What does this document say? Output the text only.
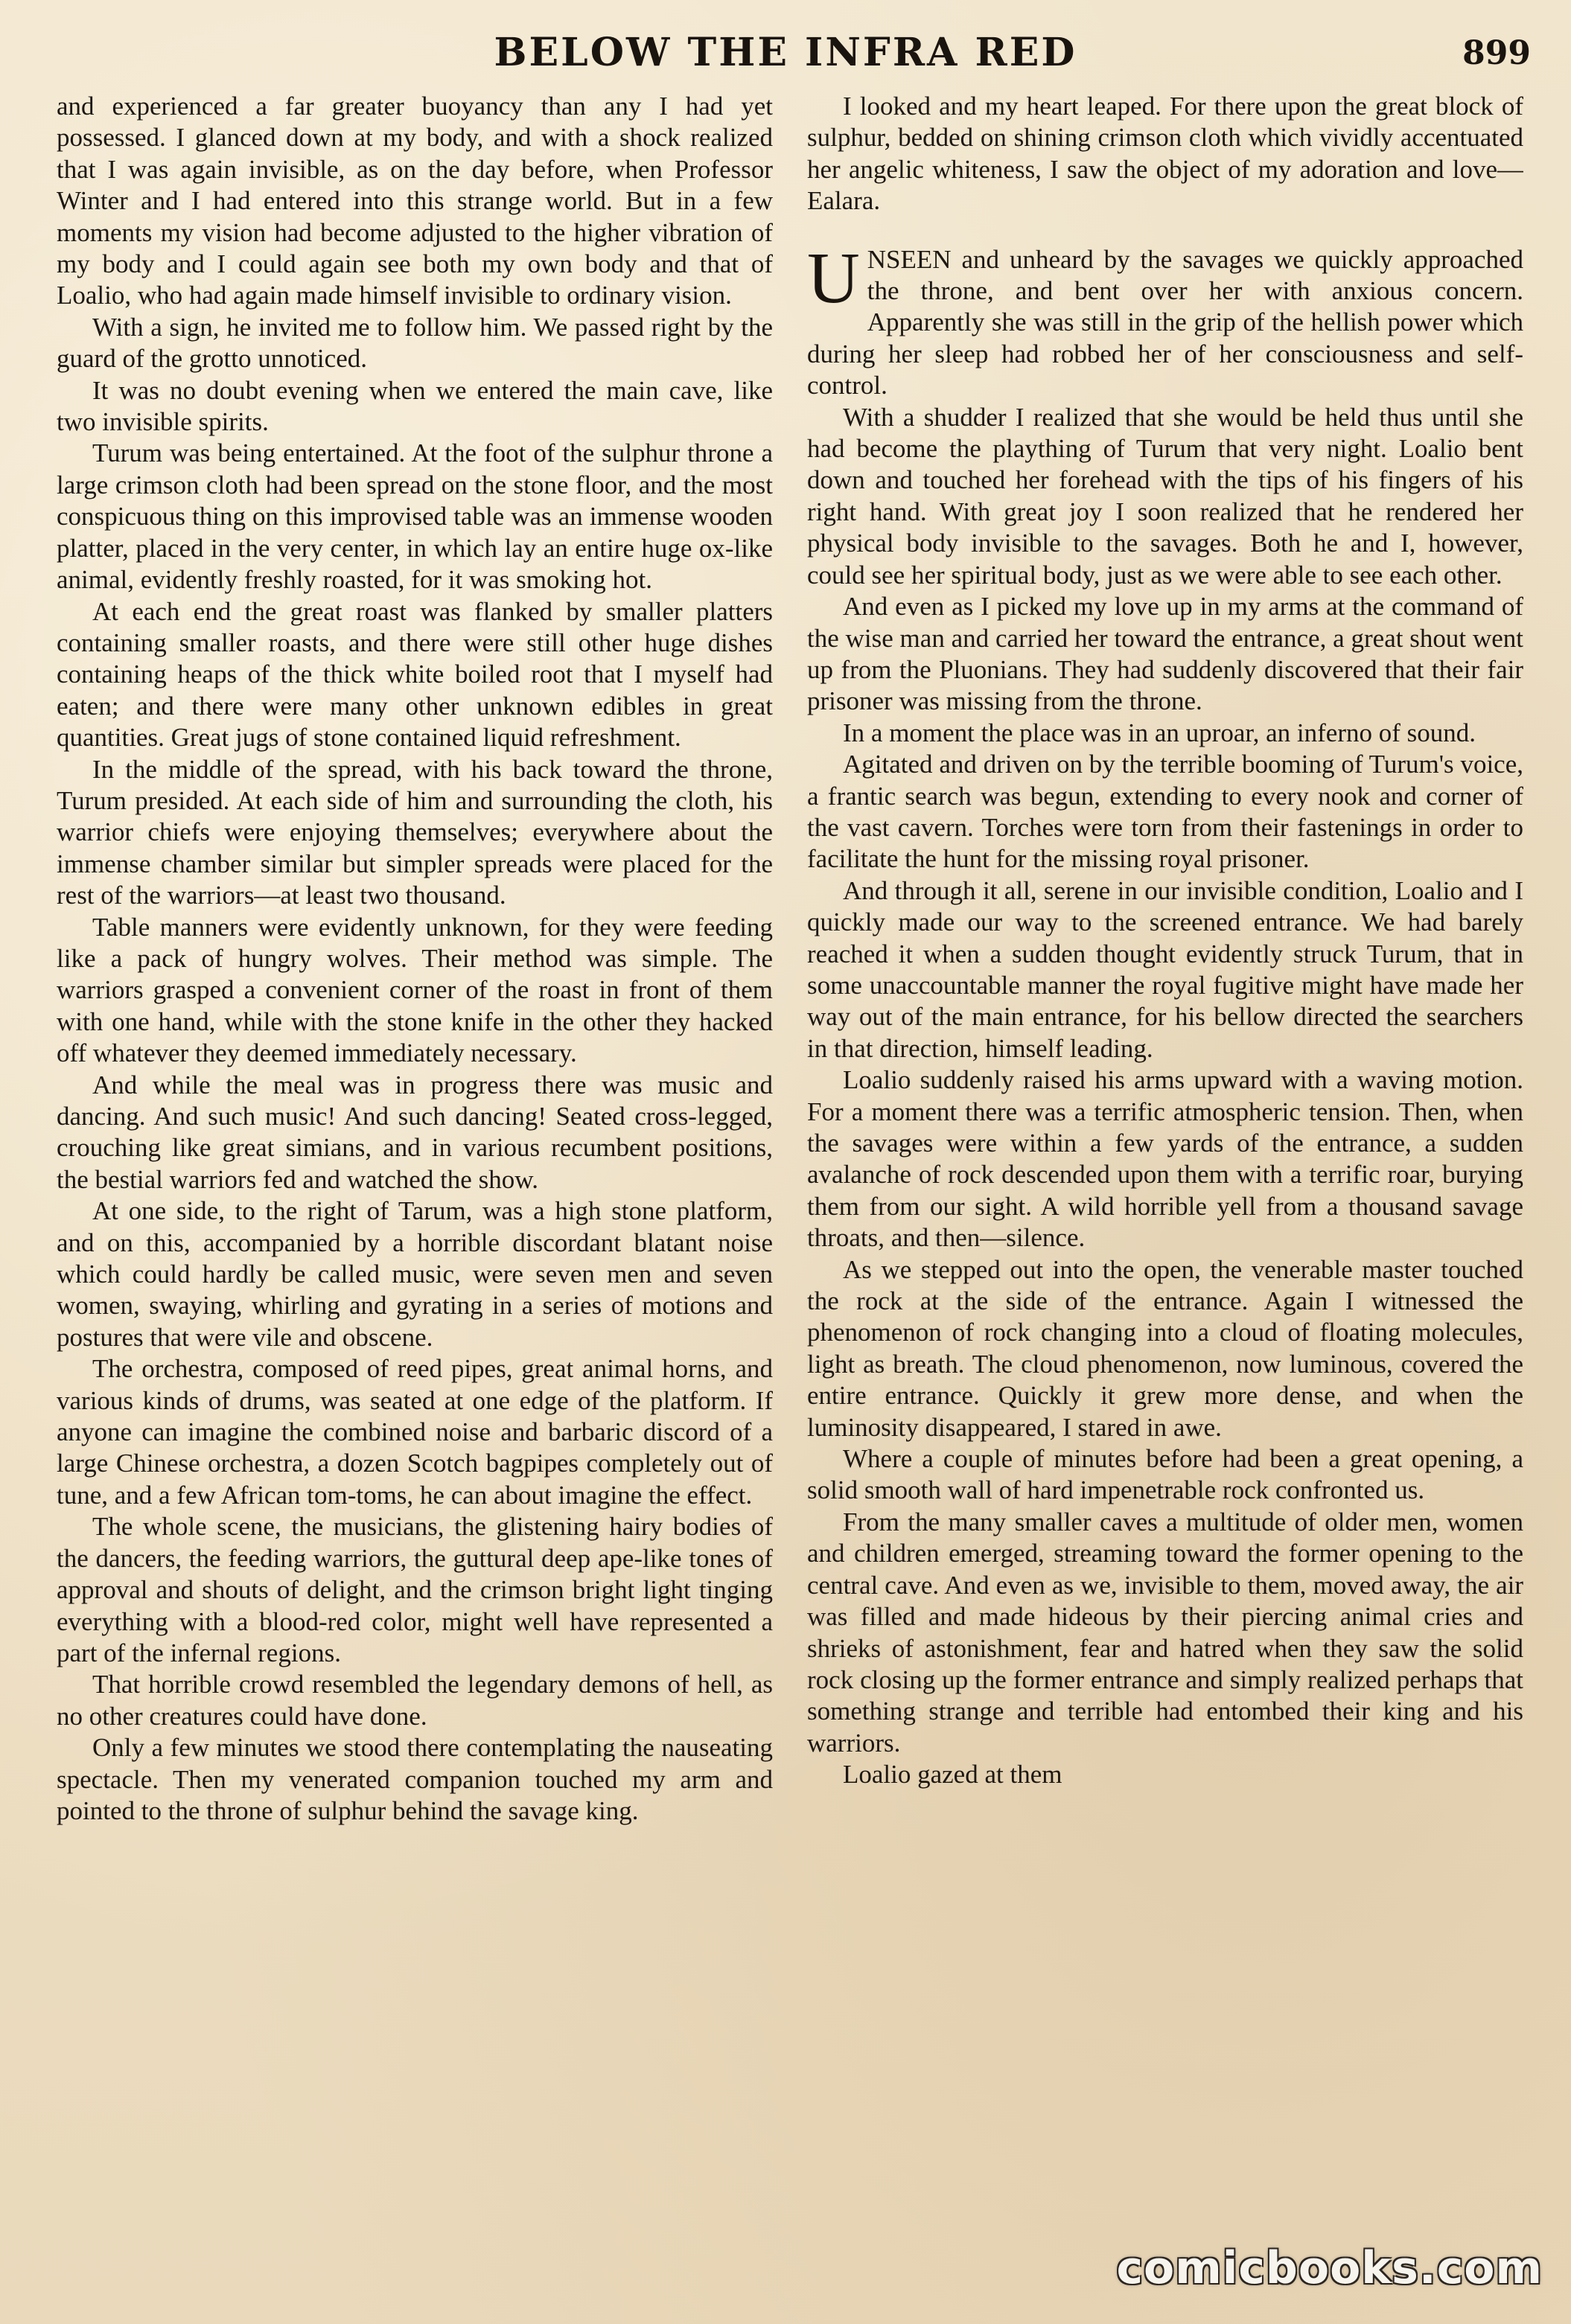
BELOW THE INFRA RED	899

and experienced a far greater buoyancy than any I had yet possessed. I glanced down at my body, and with a shock realized that I was again invisible, as on the day before, when Professor Winter and I had entered into this strange world. But in a few moments my vision had become adjusted to the higher vibration of my body and I could again see both my own body and that of Loalio, who had again made himself invisible to ordinary vision.

With a sign, he invited me to follow him. We passed right by the guard of the grotto unnoticed.

It was no doubt evening when we entered the main cave, like two invisible spirits.

Turum was being entertained. At the foot of the sulphur throne a large crimson cloth had been spread on the stone floor, and the most conspicuous thing on this improvised table was an immense wooden platter, placed in the very center, in which lay an entire huge ox-like animal, evidently freshly roasted, for it was smoking hot.

At each end the great roast was flanked by smaller platters containing smaller roasts, and there were still other huge dishes containing heaps of the thick white boiled root that I myself had eaten; and there were many other unknown edibles in great quantities. Great jugs of stone contained liquid refreshment.

In the middle of the spread, with his back toward the throne, Turum presided. At each side of him and surrounding the cloth, his warrior chiefs were enjoying themselves; everywhere about the immense chamber similar but simpler spreads were placed for the rest of the warriors—at least two thousand.

Table manners were evidently unknown, for they were feeding like a pack of hungry wolves. Their method was simple. The warriors grasped a convenient corner of the roast in front of them with one hand, while with the stone knife in the other they hacked off whatever they deemed immediately necessary.

And while the meal was in progress there was music and dancing. And such music! And such dancing! Seated cross-legged, crouching like great simians, and in various recumbent positions, the bestial warriors fed and watched the show.

At one side, to the right of Tarum, was a high stone platform, and on this, accompanied by a horrible discordant blatant noise which could hardly be called music, were seven men and seven women, swaying, whirling and gyrating in a series of motions and postures that were vile and obscene.

The orchestra, composed of reed pipes, great animal horns, and various kinds of drums, was seated at one edge of the platform. If anyone can imagine the combined noise and barbaric discord of a large Chinese orchestra, a dozen Scotch bagpipes completely out of tune, and a few African tom-toms, he can about imagine the effect.

The whole scene, the musicians, the glistening hairy bodies of the dancers, the feeding warriors, the guttural deep ape-like tones of approval and shouts of delight, and the crimson bright light tinging everything with a blood-red color, might well have represented a part of the infernal regions.

That horrible crowd resembled the legendary demons of hell, as no other creatures could have done.

Only a few minutes we stood there contemplating the nauseating spectacle. Then my venerated companion touched my arm and pointed to the throne of sulphur behind the savage king.

I looked and my heart leaped. For there upon the great block of sulphur, bedded on shining crimson cloth which vividly accentuated her angelic whiteness, I saw the object of my adoration and love—Ealara.

UNSEEN and unheard by the savages we quickly approached the throne, and bent over her with anxious concern. Apparently she was still in the grip of the hellish power which during her sleep had robbed her of her consciousness and self-control.

With a shudder I realized that she would be held thus until she had become the plaything of Turum that very night. Loalio bent down and touched her forehead with the tips of his fingers of his right hand. With great joy I soon realized that he rendered her physical body invisible to the savages. Both he and I, however, could see her spiritual body, just as we were able to see each other.

And even as I picked my love up in my arms at the command of the wise man and carried her toward the entrance, a great shout went up from the Pluonians. They had suddenly discovered that their fair prisoner was missing from the throne.

In a moment the place was in an uproar, an inferno of sound.

Agitated and driven on by the terrible booming of Turum's voice, a frantic search was begun, extending to every nook and corner of the vast cavern. Torches were torn from their fastenings in order to facilitate the hunt for the missing royal prisoner.

And through it all, serene in our invisible condition, Loalio and I quickly made our way to the screened entrance. We had barely reached it when a sudden thought evidently struck Turum, that in some unaccountable manner the royal fugitive might have made her way out of the main entrance, for his bellow directed the searchers in that direction, himself leading.

Loalio suddenly raised his arms upward with a waving motion. For a moment there was a terrific atmospheric tension. Then, when the savages were within a few yards of the entrance, a sudden avalanche of rock descended upon them with a terrific roar, burying them from our sight. A wild horrible yell from a thousand savage throats, and then—silence.

As we stepped out into the open, the venerable master touched the rock at the side of the entrance. Again I witnessed the phenomenon of rock changing into a cloud of floating molecules, light as breath. The cloud phenomenon, now luminous, covered the entire entrance. Quickly it grew more dense, and when the luminosity disappeared, I stared in awe.

Where a couple of minutes before had been a great opening, a solid smooth wall of hard impenetrable rock confronted us.

From the many smaller caves a multitude of older men, women and children emerged, streaming toward the former opening to the central cave. And even as we, invisible to them, moved away, the air was filled and made hideous by their piercing animal cries and shrieks of astonishment, fear and hatred when they saw the solid rock closing up the former entrance and simply realized perhaps that something strange and terrible had entombed their king and his warriors.

Loalio gazed at them

comicbooks.com
